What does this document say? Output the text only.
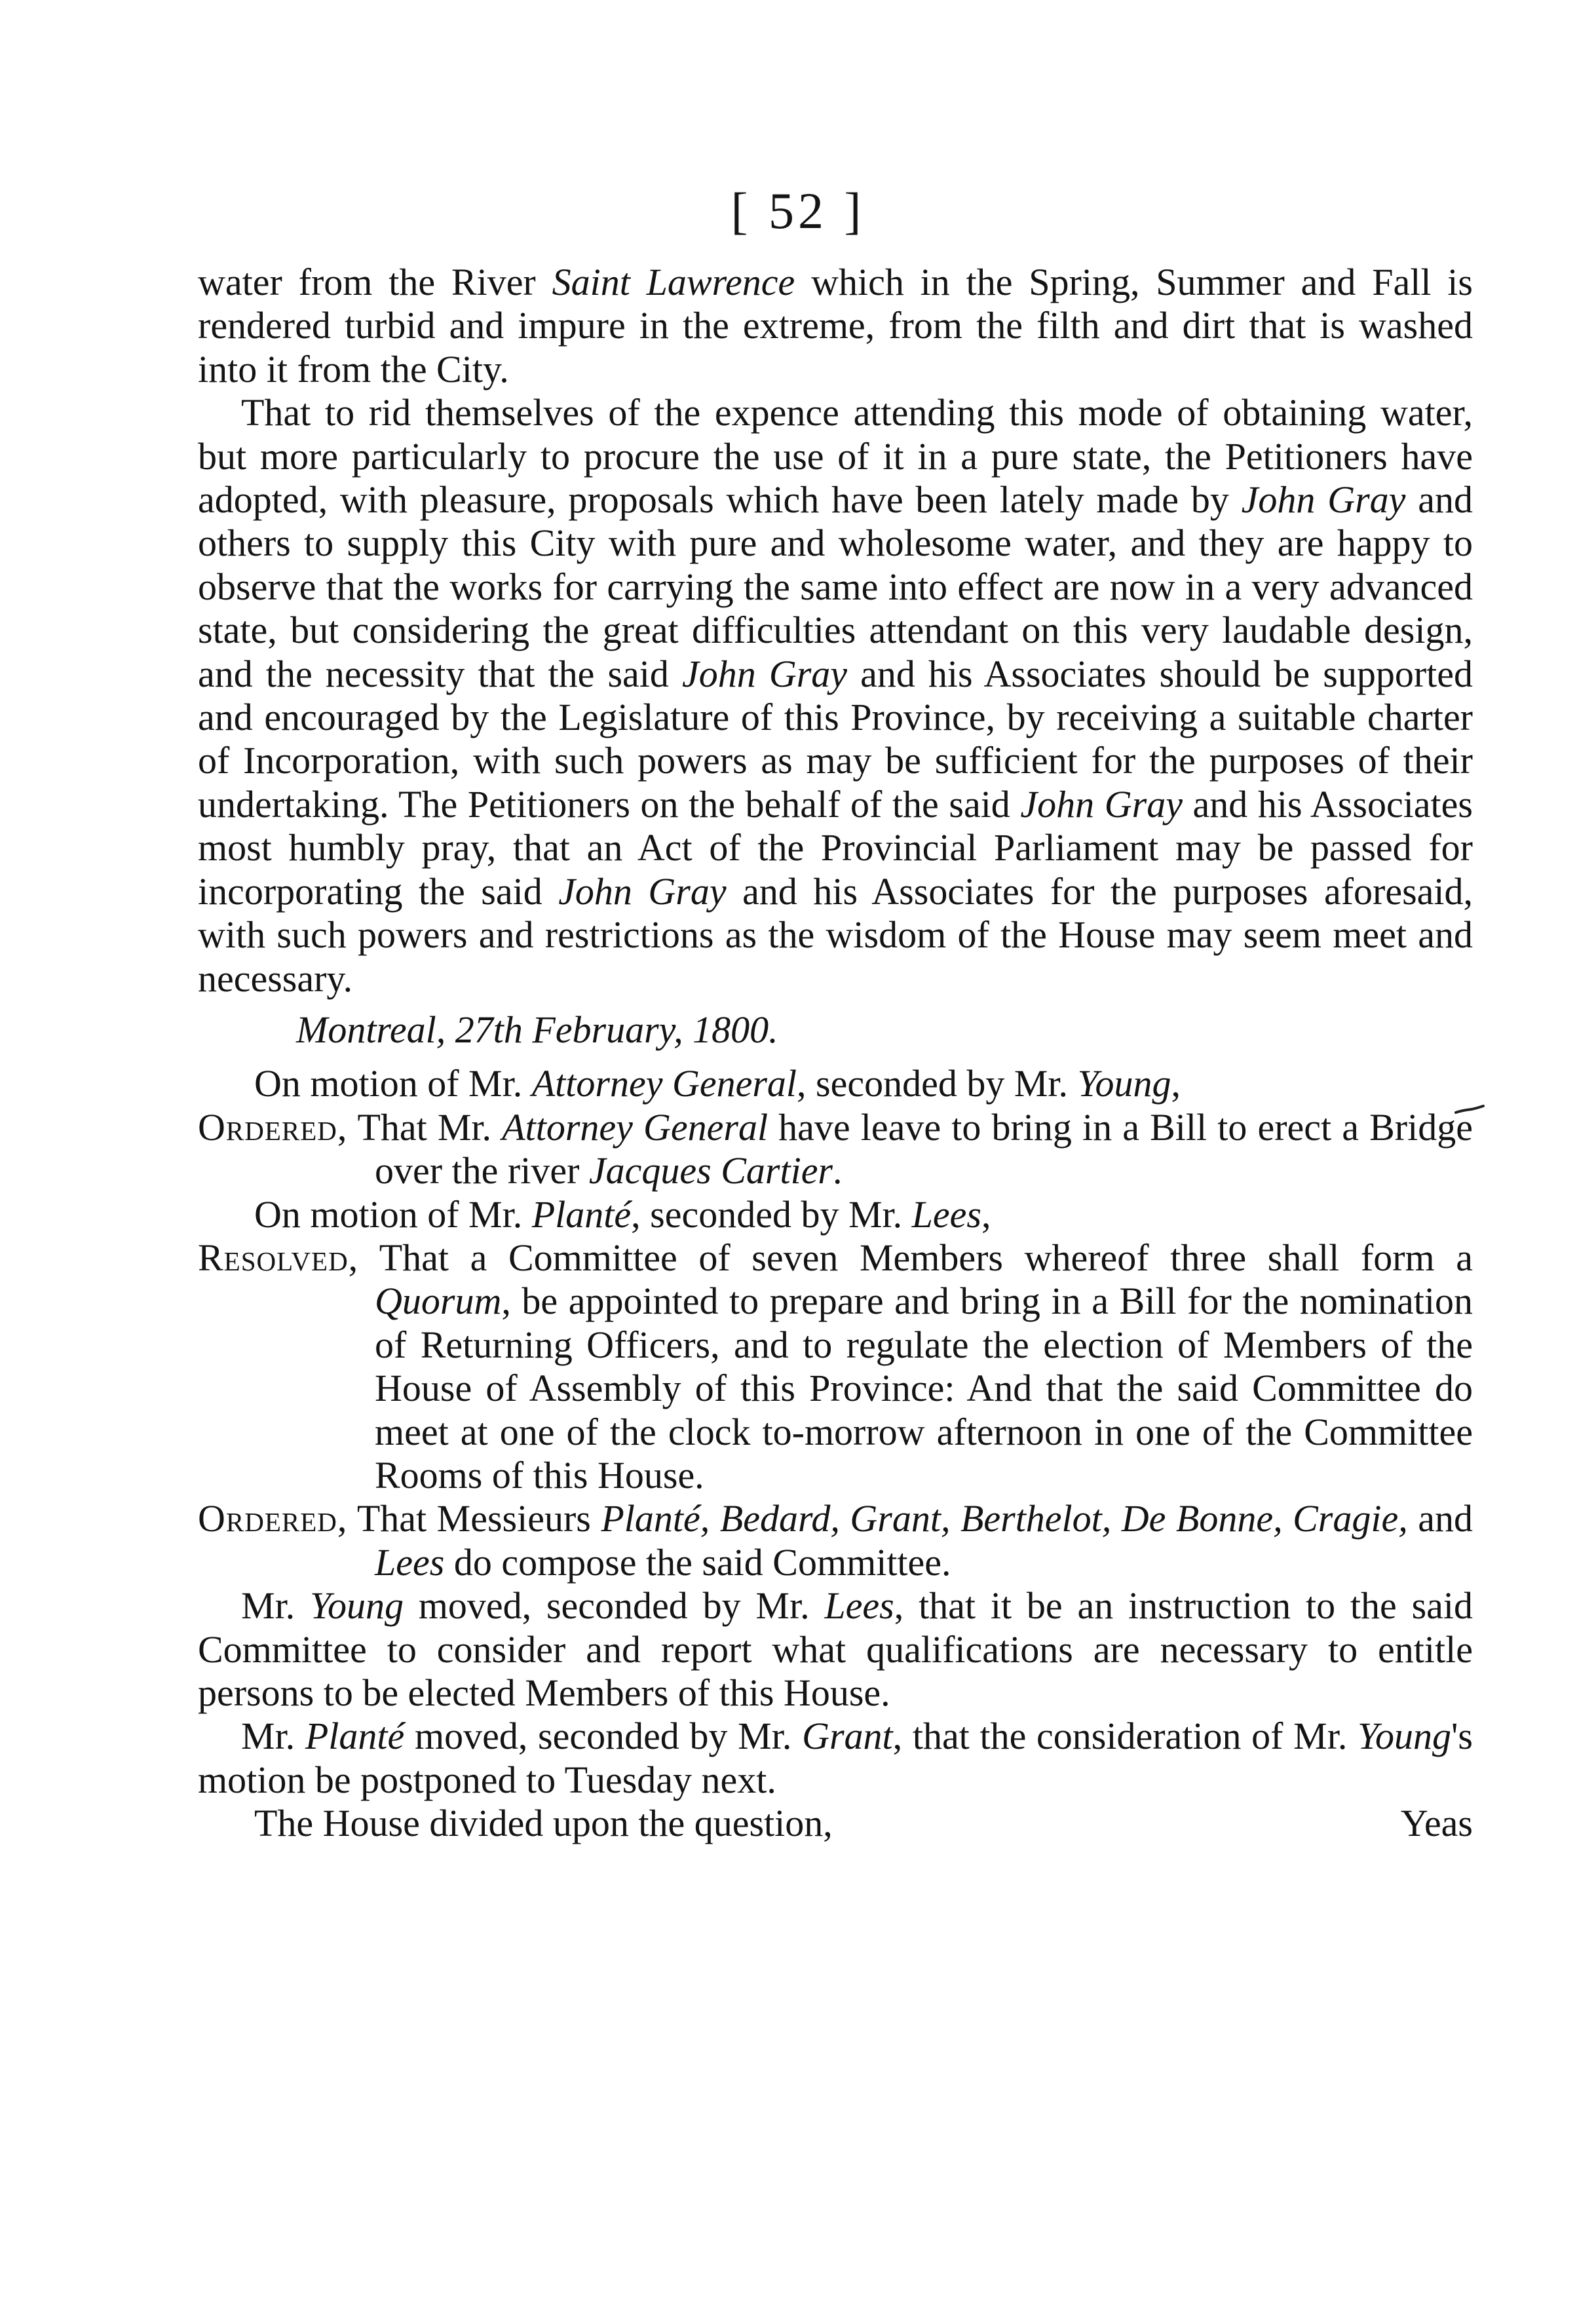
[ 52 ]

water from the River Saint Lawrence which in the Spring, Summer and Fall is rendered turbid and impure in the extreme, from the filth and dirt that is washed into it from the City.

That to rid themselves of the expence attending this mode of obtaining water, but more particularly to procure the use of it in a pure state, the Petitioners have adopted, with pleasure, proposals which have been lately made by John Gray and others to supply this City with pure and wholesome water, and they are happy to observe that the works for carrying the same into effect are now in a very advanced state, but considering the great difficulties attendant on this very laudable design, and the necessity that the said John Gray and his Associates should be supported and encouraged by the Legislature of this Province, by receiving a suitable charter of Incorporation, with such powers as may be sufficient for the purposes of their undertaking. The Petitioners on the behalf of the said John Gray and his Associates most humbly pray, that an Act of the Provincial Parliament may be passed for incorporating the said John Gray and his Associates for the purposes aforesaid, with such powers and restrictions as the wisdom of the House may seem meet and necessary.

Montreal, 27th February, 1800.

On motion of Mr. Attorney General, seconded by Mr. Young,

Ordered, That Mr. Attorney General have leave to bring in a Bill to erect a Bridge over the river Jacques Cartier.

On motion of Mr. Planté, seconded by Mr. Lees,

Resolved, That a Committee of seven Members whereof three shall form a Quorum, be appointed to prepare and bring in a Bill for the nomination of Returning Officers, and to regulate the election of Members of the House of Assembly of this Province: And that the said Committee do meet at one of the clock to-morrow afternoon in one of the Committee Rooms of this House.

Ordered, That Messieurs Planté, Bedard, Grant, Berthelot, De Bonne, Cragie, and Lees do compose the said Committee.

Mr. Young moved, seconded by Mr. Lees, that it be an instruction to the said Committee to consider and report what qualifications are necessary to entitle persons to be elected Members of this House.

Mr. Planté moved, seconded by Mr. Grant, that the consideration of Mr. Young's motion be postponed to Tuesday next.

The House divided upon the question,	Yeas
